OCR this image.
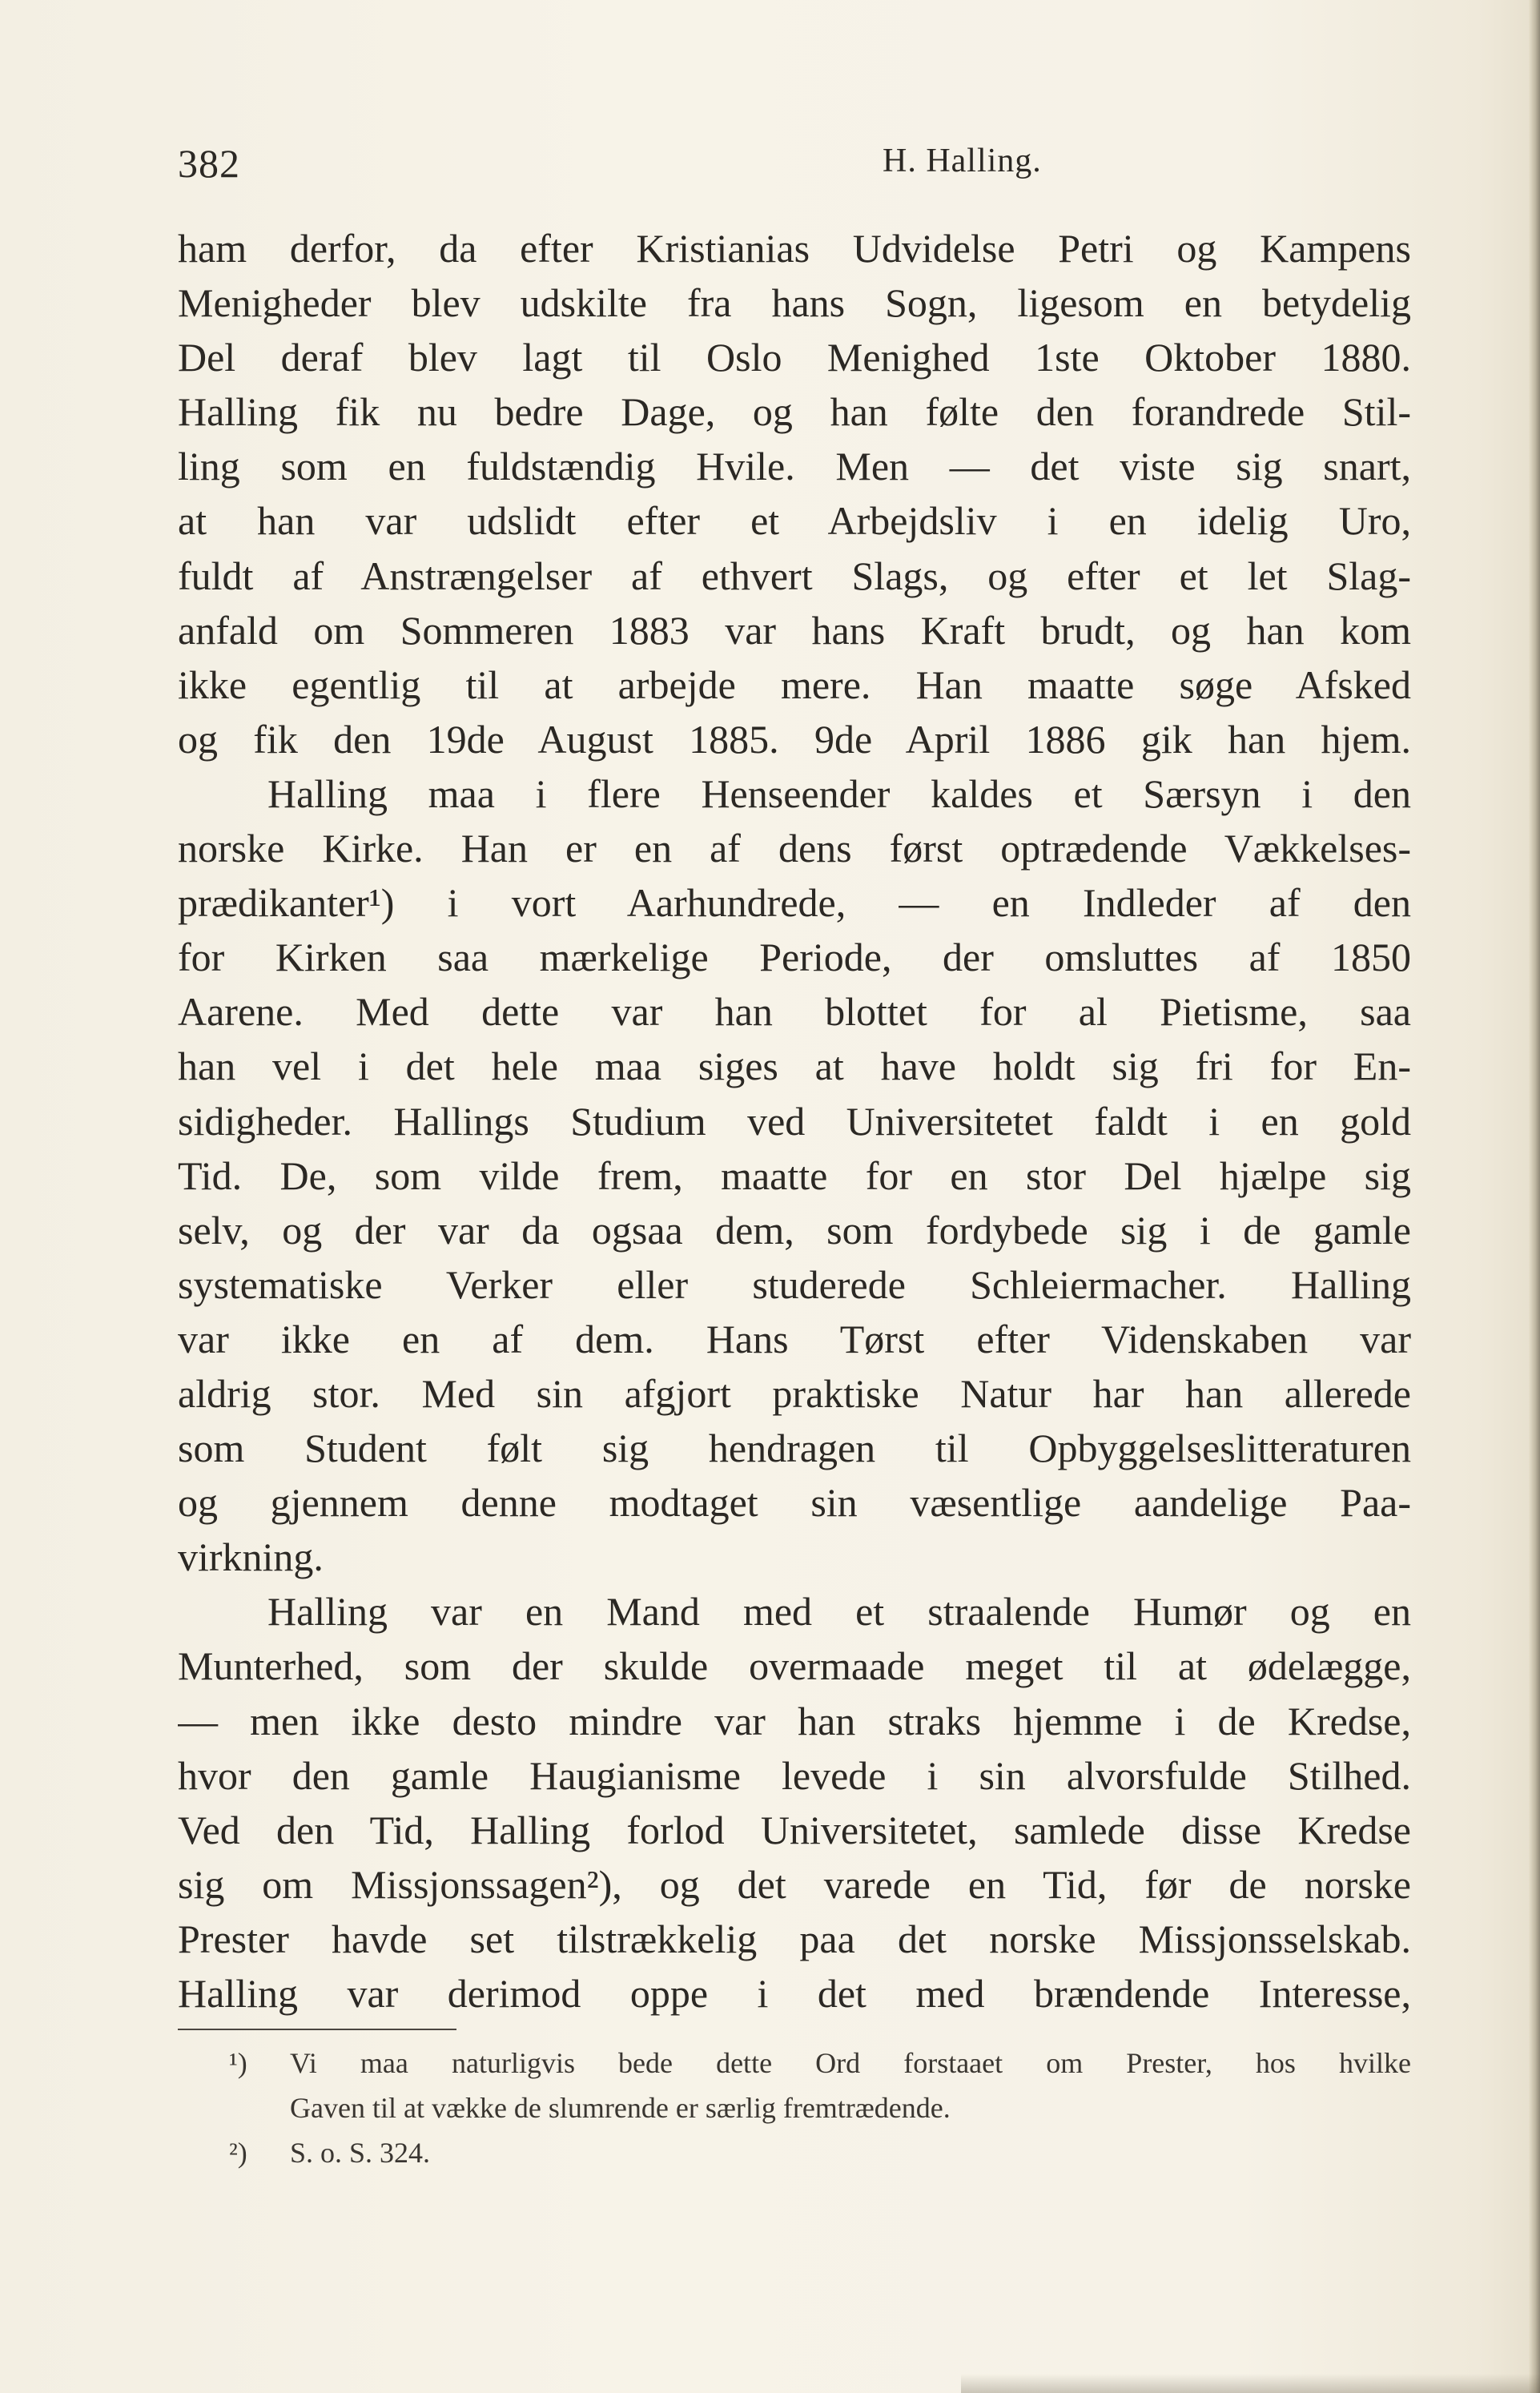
382	H. Halling.
ham derfor, da efter Kristianias Udvidelse Petri og Kampens
Menigheder blev udskilte fra hans Sogn, ligesom en betydelig
Del deraf blev lagt til Oslo Menighed 1ste Oktober 1880.
Halling fik nu bedre Dage, og han følte den forandrede Stil-
ling som en fuldstændig Hvile. Men — det viste sig snart,
at han var udslidt efter et Arbejdsliv i en idelig Uro,
fuldt af Anstrængelser af ethvert Slags, og efter et let Slag-
anfald om Sommeren 1883 var hans Kraft brudt, og han kom
ikke egentlig til at arbejde mere. Han maatte søge Afsked
og fik den 19de August 1885. 9de April 1886 gik han hjem.
Halling maa i flere Henseender kaldes et Særsyn i den
norske Kirke. Han er en af dens først optrædende Vækkelses-
prædikanter¹) i vort Aarhundrede, — en Indleder af den
for Kirken saa mærkelige Periode, der omsluttes af 1850
Aarene. Med dette var han blottet for al Pietisme, saa
han vel i det hele maa siges at have holdt sig fri for En-
sidigheder. Hallings Studium ved Universitetet faldt i en gold
Tid. De, som vilde frem, maatte for en stor Del hjælpe sig
selv, og der var da ogsaa dem, som fordybede sig i de gamle
systematiske Verker eller studerede Schleiermacher. Halling
var ikke en af dem. Hans Tørst efter Videnskaben var
aldrig stor. Med sin afgjort praktiske Natur har han allerede
som Student følt sig hendragen til Opbyggelseslitteraturen
og gjennem denne modtaget sin væsentlige aandelige Paa-
virkning.
Halling var en Mand med et straalende Humør og en
Munterhed, som der skulde overmaade meget til at ødelægge,
— men ikke desto mindre var han straks hjemme i de Kredse,
hvor den gamle Haugianisme levede i sin alvorsfulde Stilhed.
Ved den Tid, Halling forlod Universitetet, samlede disse Kredse
sig om Missjonssagen²), og det varede en Tid, før de norske
Prester havde set tilstrækkelig paa det norske Missjonsselskab.
Halling var derimod oppe i det med brændende Interesse,
¹) Vi maa naturligvis bede dette Ord forstaaet om Prester, hos hvilke
Gaven til at vække de slumrende er særlig fremtrædende.
²) S. o. S. 324.
